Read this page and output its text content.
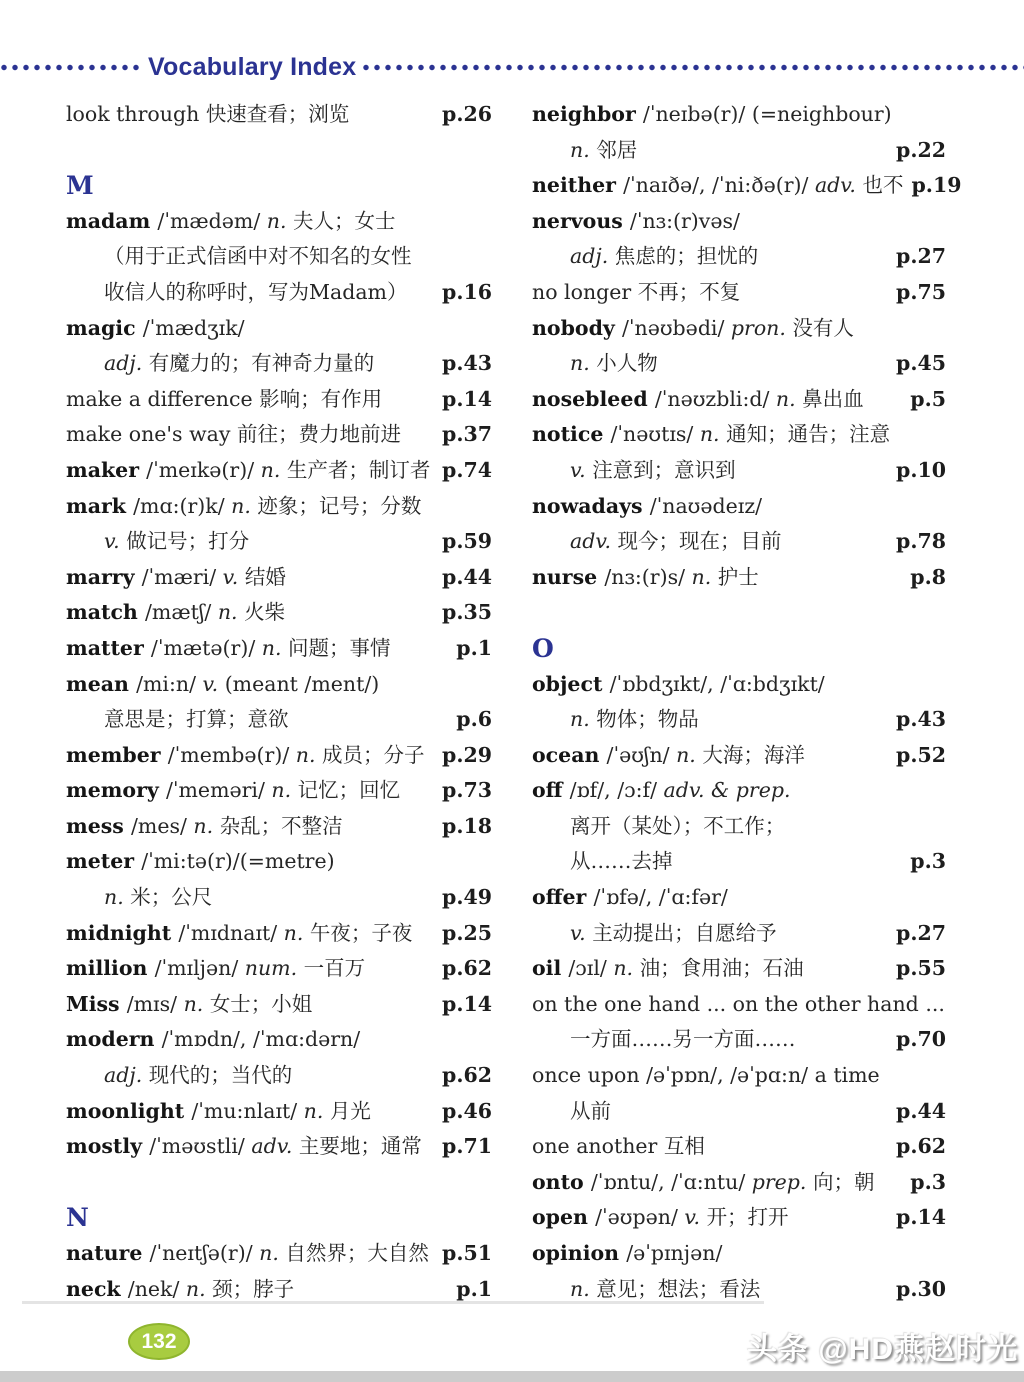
Vocabulary Index
look through 快速查看；浏览	p.26
M
madam /ˈmædəm/ n. 夫人；女士
（用于正式信函中对不知名的女性
收信人的称呼时，写为Madam）	p.16
magic /ˈmædʒɪk/
adj. 有魔力的；有神奇力量的	p.43
make a difference 影响；有作用	p.14
make one's way 前往；费力地前进	p.37
maker /ˈmeɪkə(r)/ n. 生产者；制订者 p.74
mark /mɑ:(r)k/ n. 迹象；记号；分数
v. 做记号；打分	p.59
marry /ˈmæri/ v. 结婚	p.44
match /mætʃ/ n. 火柴	p.35
matter /ˈmætə(r)/ n. 问题；事情	p.1
mean /mi:n/ v. (meant /ment/)
意思是；打算；意欲	p.6
member /ˈmembə(r)/ n. 成员；分子 p.29
memory /ˈmeməri/ n. 记忆；回忆	p.73
mess /mes/ n. 杂乱；不整洁	p.18
meter /ˈmi:tə(r)/(=metre)
n. 米；公尺	p.49
midnight /ˈmɪdnaɪt/ n. 午夜；子夜	p.25
million /ˈmɪljən/ num. 一百万	p.62
Miss /mɪs/ n. 女士；小姐	p.14
modern /ˈmɒdn/, /ˈmɑ:dərn/
adj. 现代的；当代的	p.62
moonlight /ˈmu:nlaɪt/ n. 月光	p.46
mostly /ˈməʊstli/ adv. 主要地；通常 p.71
N
nature /ˈneɪtʃə(r)/ n. 自然界；大自然 p.51
neck /nek/ n. 颈；脖子	p.1
neighbor /ˈneɪbə(r)/ (=neighbour)
n. 邻居	p.22
neither /ˈnaɪðə/, /ˈni:ðə(r)/ adv. 也不 p.19
nervous /ˈnɜ:(r)vəs/
adj. 焦虑的；担忧的	p.27
no longer 不再；不复	p.75
nobody /ˈnəʊbədi/ pron. 没有人
n. 小人物	p.45
nosebleed /ˈnəʊzbli:d/ n. 鼻出血	p.5
notice /ˈnəʊtɪs/ n. 通知；通告；注意
v. 注意到；意识到	p.10
nowadays /ˈnaʊədeɪz/
adv. 现今；现在；目前	p.78
nurse /nɜ:(r)s/ n. 护士	p.8
O
object /ˈɒbdʒɪkt/, /ˈɑ:bdʒɪkt/
n. 物体；物品	p.43
ocean /ˈəʊʃn/ n. 大海；海洋	p.52
off /ɒf/, /ɔ:f/ adv. & prep.
离开（某处）；不工作；
从……去掉	p.3
offer /ˈɒfə/, /ˈɑ:fər/
v. 主动提出；自愿给予	p.27
oil /ɔɪl/ n. 油；食用油；石油	p.55
on the one hand ... on the other hand ...
一方面……另一方面……	p.70
once upon /əˈpɒn/, /əˈpɑ:n/ a time
从前	p.44
one another 互相	p.62
onto /ˈɒntu/, /ˈɑ:ntu/ prep. 向；朝	p.3
open /ˈəʊpən/ v. 开；打开	p.14
opinion /əˈpɪnjən/
n. 意见；想法；看法	p.30
132	头条 @HD燕赵时光
